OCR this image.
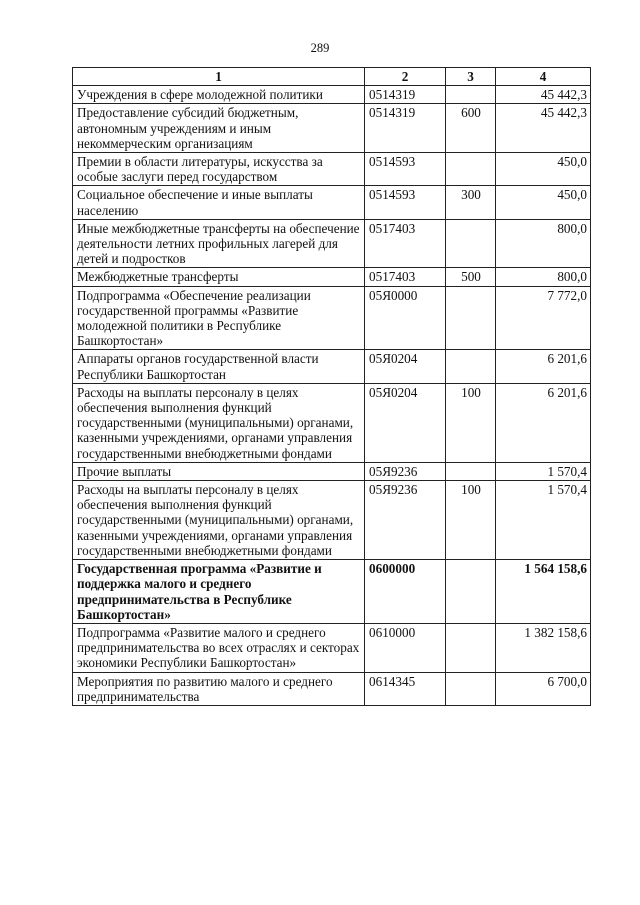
289
1	2	3	4
Учреждения в сфере молодежной политики	0514319		45 442,3
Предоставление субсидий бюджетным, автономным учреждениям и иным некоммерческим организациям	0514319	600	45 442,3
Премии в области литературы, искусства за особые заслуги перед государством	0514593		450,0
Социальное обеспечение и иные выплаты населению	0514593	300	450,0
Иные межбюджетные трансферты на обеспечение деятельности летних профильных лагерей для детей и подростков	0517403		800,0
Межбюджетные трансферты	0517403	500	800,0
Подпрограмма «Обеспечение реализации государственной программы «Развитие молодежной политики в Республике Башкортостан»	05Я0000		7 772,0
Аппараты органов государственной власти Республики Башкортостан	05Я0204		6 201,6
Расходы на выплаты персоналу в целях обеспечения выполнения функций государственными (муниципальными) органами, казенными учреждениями, органами управления государственными внебюджетными фондами	05Я0204	100	6 201,6
Прочие выплаты	05Я9236		1 570,4
Расходы на выплаты персоналу в целях обеспечения выполнения функций государственными (муниципальными) органами, казенными учреждениями, органами управления государственными внебюджетными фондами	05Я9236	100	1 570,4
Государственная программа «Развитие и поддержка малого и среднего предпринимательства в Республике Башкортостан»	0600000		1 564 158,6
Подпрограмма «Развитие малого и среднего предпринимательства во всех отраслях и секторах экономики Республики Башкортостан»	0610000		1 382 158,6
Мероприятия по развитию малого и среднего предпринимательства	0614345		6 700,0
